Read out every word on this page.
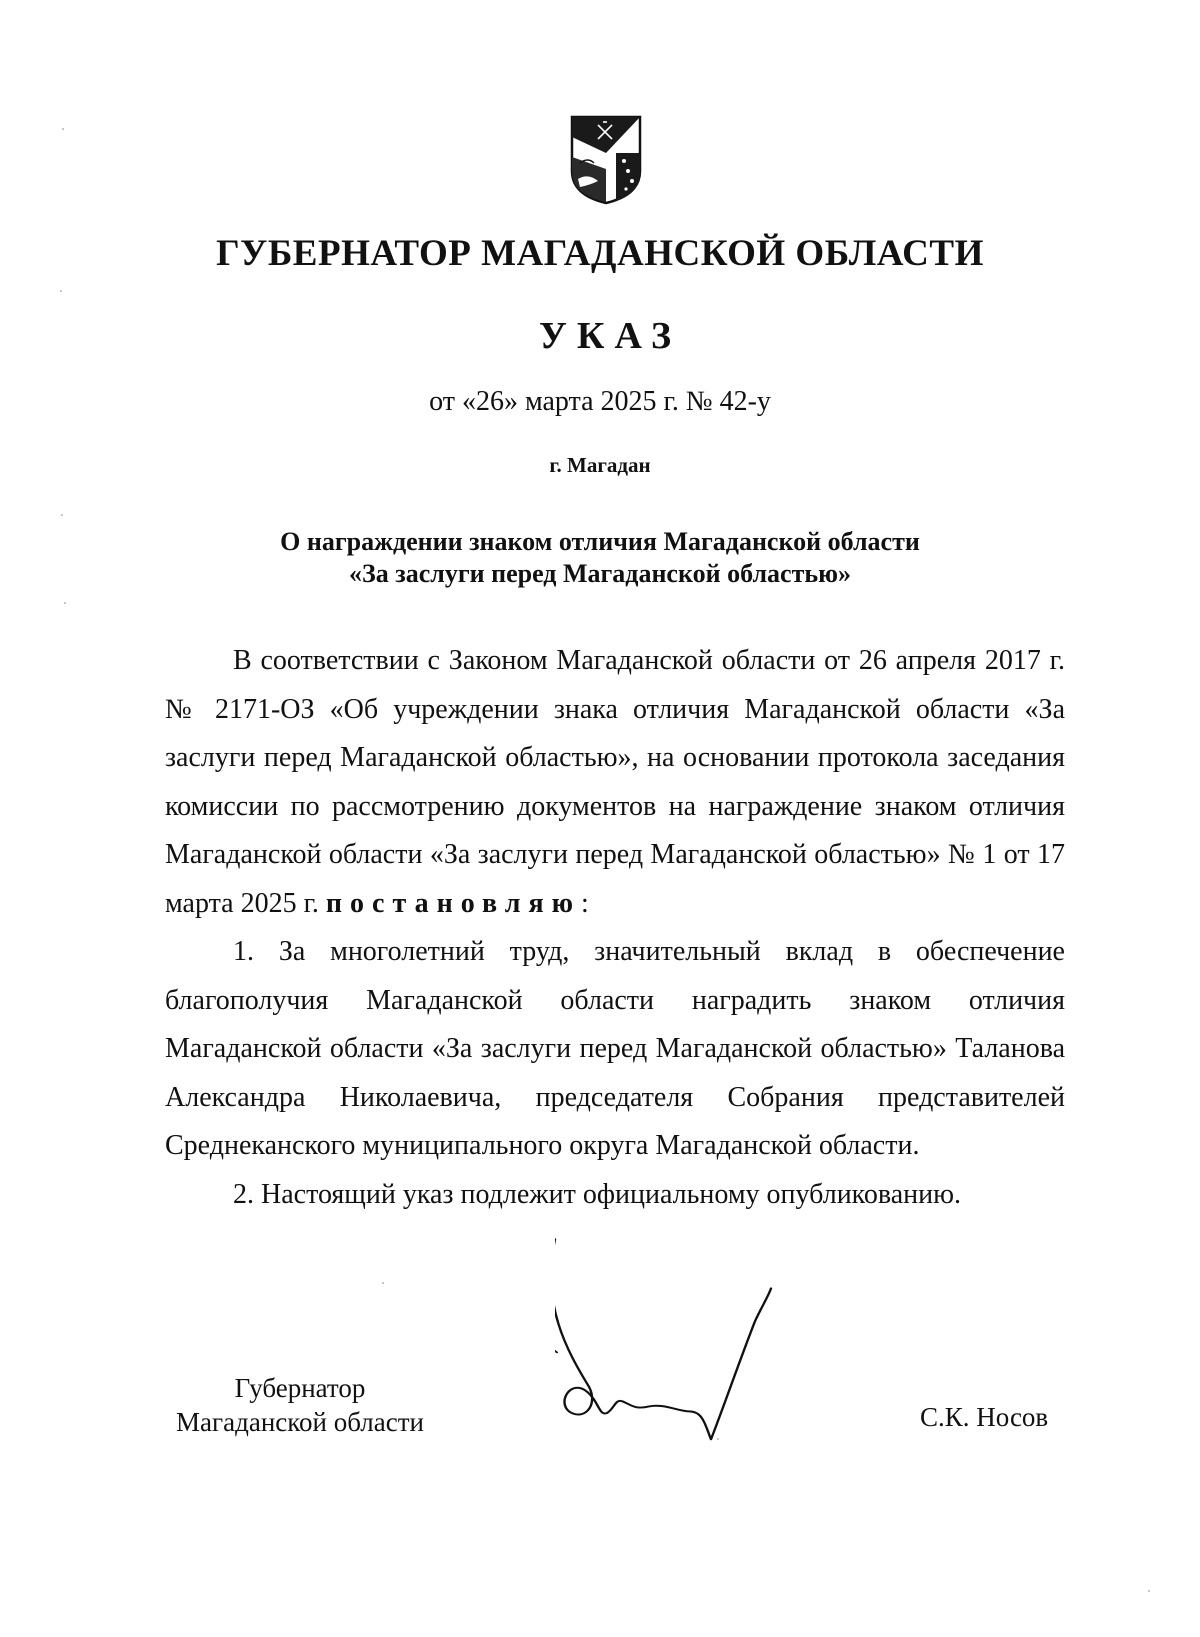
ГУБЕРНАТОР МАГАДАНСКОЙ ОБЛАСТИ
УКАЗ
от «26» марта 2025 г. № 42-у
г. Магадан
О награждении знаком отличия Магаданской области
«За заслуги перед Магаданской областью»

В соответствии с Законом Магаданской области от 26 апреля 2017 г. № 2171-ОЗ «Об учреждении знака отличия Магаданской области «За заслуги перед Магаданской областью», на основании протокола заседания комиссии по рассмотрению документов на награждение знаком отличия Магаданской области «За заслуги перед Магаданской областью» № 1 от 17 марта 2025 г. постановляю:

1. За многолетний труд, значительный вклад в обеспечение благополучия Магаданской области наградить знаком отличия Магаданской области «За заслуги перед Магаданской областью» Таланова Александра Николаевича, председателя Собрания представителей Среднеканского муниципального округа Магаданской области.

2. Настоящий указ подлежит официальному опубликованию.

Губернатор
Магаданской области	С.К. Носов
